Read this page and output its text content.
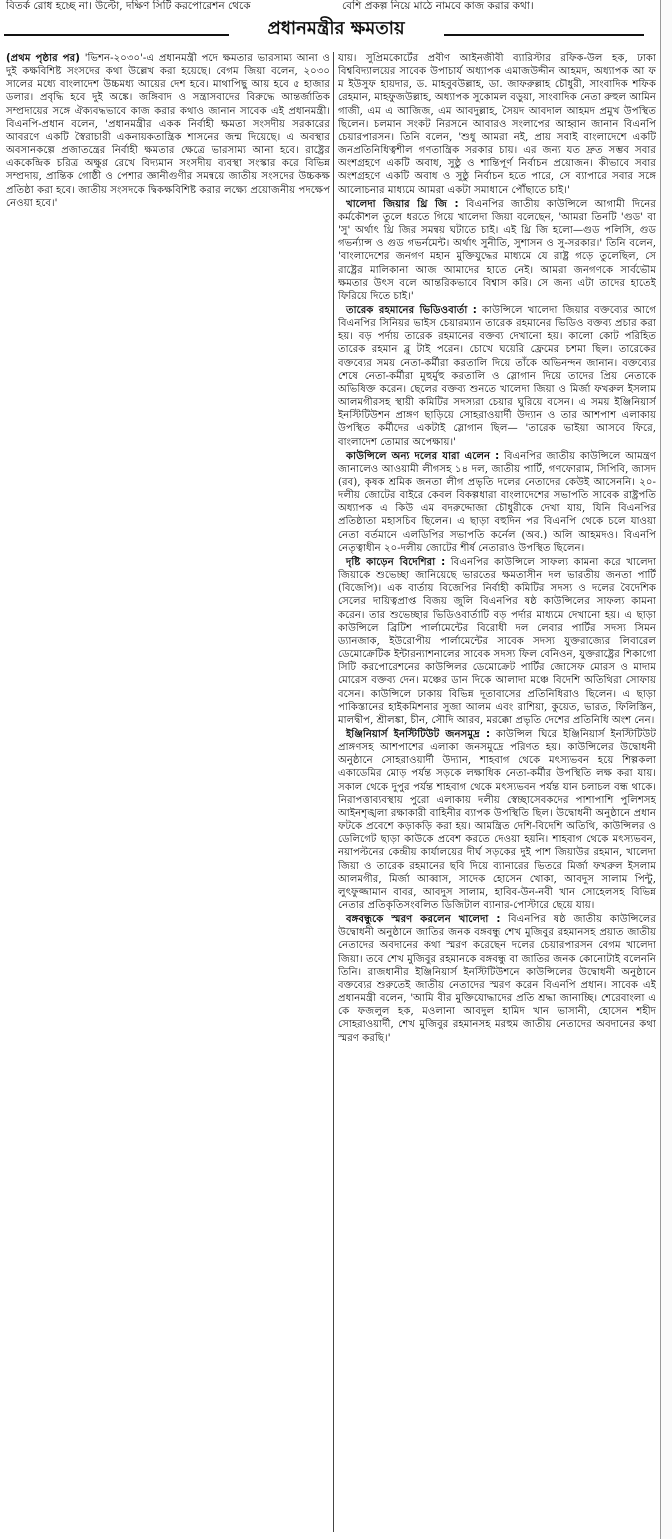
বিতর্ক রোধ হচ্ছে না। উল্টো, দক্ষিণ সিটি করপোরেশন থেকে	বেশি প্রকল্প নিয়ে মাঠে নামবে কাজ করার কথা।
প্রধানমন্ত্রীর ক্ষমতায়

(প্রথম পৃষ্ঠার পর) 'ভিশন-২০৩০'-এ প্রধানমন্ত্রী পদে ক্ষমতার ভারসাম্য আনা ও দুই কক্ষবিশিষ্ট সংসদের কথা উল্লেখ করা হয়েছে। বেগম জিয়া বলেন, ২০৩০ সালের মধ্যে বাংলাদেশ উচ্চমধ্য আয়ের দেশ হবে। মাথাপিছু আয় হবে ৫ হাজার ডলার। প্রবৃদ্ধি হবে দুই অঙ্কে। জঙ্গিবাদ ও সন্ত্রাসবাদের বিরুদ্ধে আন্তর্জাতিক সম্প্রদায়ের সঙ্গে ঐক্যবদ্ধভাবে কাজ করার কথাও জানান সাবেক এই প্রধানমন্ত্রী। বিএনপি-প্রধান বলেন, 'প্রধানমন্ত্রীর একক নির্বাহী ক্ষমতা সংসদীয় সরকারের আবরণে একটি স্বৈরাচারী একনায়কতান্ত্রিক শাসনের জন্ম দিয়েছে। এ অবস্থার অবসানকল্পে প্রজাতন্ত্রের নির্বাহী ক্ষমতার ক্ষেত্রে ভারসাম্য আনা হবে। রাষ্ট্রের এককেন্দ্রিক চরিত্র অক্ষুণ্ণ রেখে বিদ্যমান সংসদীয় ব্যবস্থা সংস্কার করে বিভিন্ন সম্প্রদায়, প্রান্তিক গোষ্ঠী ও পেশার জ্ঞানীগুণীর সমন্বয়ে জাতীয় সংসদের উচ্চকক্ষ প্রতিষ্ঠা করা হবে। জাতীয় সংসদকে দ্বিকক্ষবিশিষ্ট করার লক্ষ্যে প্রয়োজনীয় পদক্ষেপ নেওয়া হবে।'

যায়। সুপ্রিমকোর্টের প্রবীণ আইনজীবী ব্যারিস্টার রফিক-উল হক, ঢাকা বিশ্ববিদ্যালয়ের সাবেক উপাচার্য অধ্যাপক এমাজউদ্দীন আহমদ, অধ্যাপক আ ফ ম ইউসুফ হায়দার, ড. মাহবুবউল্লাহ, ডা. জাফরুল্লাহ চৌধুরী, সাংবাদিক শফিক রেহমান, মাহফুজউল্লাহ, অধ্যাপক সুকোমল বড়ুয়া, সাংবাদিক নেতা রুহুল আমিন গাজী, এম এ আজিজ, এম আবদুল্লাহ, সৈয়দ আবদাল আহমদ প্রমুখ উপস্থিত ছিলেন। চলমান সংকট নিরসনে আবারও সংলাপের আহ্বান জানান বিএনপি চেয়ারপারসন। তিনি বলেন, 'শুধু আমরা নই, প্রায় সবাই বাংলাদেশে একটি জনপ্রতিনিধিত্বশীল গণতান্ত্রিক সরকার চায়। এর জন্য যত দ্রুত সম্ভব সবার অংশগ্রহণে একটি অবাধ, সুষ্ঠু ও শান্তিপূর্ণ নির্বাচন প্রয়োজন। কীভাবে সবার অংশগ্রহণে একটি অবাধ ও সুষ্ঠু নির্বাচন হতে পারে, সে ব্যাপারে সবার সঙ্গে আলোচনার মাধ্যমে আমরা একটা সমাধানে পৌঁছাতে চাই।'

খালেদা জিয়ার থ্রি জি : বিএনপির জাতীয় কাউন্সিলে আগামী দিনের কর্মকৌশল তুলে ধরতে গিয়ে খালেদা জিয়া বলেছেন, 'আমরা তিনটি 'গুড' বা 'সু' অর্থাৎ থ্রি জির সমন্বয় ঘটাতে চাই। এই থ্রি জি হলো—গুড পলিসি, গুড গভর্ন্যান্স ও গুড গভর্নমেন্ট। অর্থাৎ সুনীতি, সুশাসন ও সু-সরকার।' তিনি বলেন, 'বাংলাদেশের জনগণ মহান মুক্তিযুদ্ধের মাধ্যমে যে রাষ্ট্র গড়ে তুলেছিল, সে রাষ্ট্রের মালিকানা আজ আমাদের হাতে নেই। আমরা জনগণকে সার্বভৌম ক্ষমতার উৎস বলে আন্তরিকভাবে বিশ্বাস করি। সে জন্য এটা তাদের হাতেই ফিরিয়ে দিতে চাই।'

তারেক রহমানের ভিডিওবার্তা : কাউন্সিলে খালেদা জিয়ার বক্তব্যের আগে বিএনপির সিনিয়র ভাইস চেয়ারম্যান তারেক রহমানের ভিডিও বক্তব্য প্রচার করা হয়। বড় পর্দায় তারেক রহমানের বক্তব্য দেখানো হয়। কালো কোট পরিহিত তারেক রহমান ব্লু টাই পরেন। চোখে ঘয়েরি ফ্রেমের চশমা ছিল। তারেকের বক্তব্যের সময় নেতা-কর্মীরা করতালি দিয়ে তাঁকে অভিনন্দন জানান। বক্তব্যের শেষে নেতা-কর্মীরা মুহুর্মুহু করতালি ও স্লোগান দিয়ে তাদের প্রিয় নেতাকে অভিষিক্ত করেন। ছেলের বক্তব্য শুনতে খালেদা জিয়া ও মির্জা ফখরুল ইসলাম আলমগীরসহ স্থায়ী কমিটির সদস্যরা চেয়ার ঘুরিয়ে বসেন। এ সময় ইঞ্জিনিয়ার্স ইনস্টিটিউশন প্রাঙ্গণ ছাড়িয়ে সোহরাওয়ার্দী উদ্যান ও তার আশপাশ এলাকায় উপস্থিত কর্মীদের একটাই স্লোগান ছিল— 'তারেক ভাইয়া আসবে ফিরে, বাংলাদেশ তোমার অপেক্ষায়।'

কাউন্সিলে অন্য দলের যারা এলেন : বিএনপির জাতীয় কাউন্সিলে আমন্ত্রণ জানালেও আওয়ামী লীগসহ ১৪ দল, জাতীয় পার্টি, গণফোরাম, সিপিবি, জাসদ (রব), কৃষক শ্রমিক জনতা লীগ প্রভৃতি দলের নেতাদের কেউই আসেননি। ২০-দলীয় জোটের বাইরে কেবল বিকল্পধারা বাংলাদেশের সভাপতি সাবেক রাষ্ট্রপতি অধ্যাপক এ কিউ এম বদরুদ্দোজা চৌধুরীকে দেখা যায়, যিনি বিএনপির প্রতিষ্ঠাতা মহাসচিব ছিলেন। এ ছাড়া বহুদিন পর বিএনপি থেকে চলে যাওয়া নেতা বর্তমানে এলডিপির সভাপতি কর্নেল (অব.) অলি আহমদও। বিএনপি নেতৃত্বাধীন ২০-দলীয় জোটের শীর্ষ নেতারাও উপস্থিত ছিলেন।

দৃষ্টি কাড়েন বিদেশিরা : বিএনপির কাউন্সিলে সাফল্য কামনা করে খালেদা জিয়াকে শুভেচ্ছা জানিয়েছে ভারতের ক্ষমতাসীন দল ভারতীয় জনতা পার্টি (বিজেপি)। এক বার্তায় বিজেপির নির্বাহী কমিটির সদস্য ও দলের বৈদেশিক সেলের দায়িত্বপ্রাপ্ত বিজয় জুলি বিএনপির ষষ্ঠ কাউন্সিলের সাফল্য কামনা করেন। তার শুভেচ্ছার ভিডিওবার্তাটি বড় পর্দার মাধ্যমে দেখানো হয়। এ ছাড়া কাউন্সিলে ব্রিটিশ পার্লামেন্টের বিরোধী দল লেবার পার্টির সদস্য সিমন ড্যানজাক, ইউরোপীয় পার্লামেন্টের সাবেক সদস্য যুক্তরাজ্যের লিবারেল ডেমোক্রেটিক ইন্টারন্যাশনালের সাবেক সদস্য ফিল বেনিওন, যুক্তরাষ্ট্রের শিকাগো সিটি করপোরেশনের কাউন্সিলর ডেমোক্রেট পার্টির জোসেফ মোরস ও মাদাম মোরেস বক্তব্য দেন। মঞ্চের ডান দিকে আলাদা মঞ্চে বিদেশি অতিথিরা সোফায় বসেন। কাউন্সিলে ঢাকায় বিভিন্ন দূতাবাসের প্রতিনিধিরাও ছিলেন। এ ছাড়া পাকিস্তানের হাইকমিশনার সুজা আলম এবং রাশিয়া, কুয়েত, ভারত, ফিলিস্তিন, মালদ্বীপ, শ্রীলঙ্কা, চীন, সৌদি আরব, মরক্কো প্রভৃতি দেশের প্রতিনিধি অংশ নেন।

ইঞ্জিনিয়ার্স ইনস্টিটিউট জনসমুদ্র : কাউন্সিল ঘিরে ইঞ্জিনিয়ার্স ইনস্টিটিউট প্রাঙ্গণসহ আশপাশের এলাকা জনসমুদ্রে পরিণত হয়। কাউন্সিলের উদ্বোধনী অনুষ্ঠানে সোহরাওয়ার্দী উদ্যান, শাহবাগ থেকে মৎস্যভবন হয়ে শিল্পকলা একাডেমির মোড় পর্যন্ত সড়কে লক্ষাধিক নেতা-কর্মীর উপস্থিতি লক্ষ করা যায়। সকাল থেকে দুপুর পর্যন্ত শাহবাগ থেকে মৎস্যভবন পর্যন্ত যান চলাচল বন্ধ থাকে। নিরাপত্তাব্যবস্থায় পুরো এলাকায় দলীয় স্বেচ্ছাসেবকদের পাশাপাশি পুলিশসহ আইনশৃঙ্খলা রক্ষাকারী বাহিনীর ব্যাপক উপস্থিতি ছিল। উদ্বোধনী অনুষ্ঠানে প্রধান ফটকে প্রবেশে কড়াকড়ি করা হয়। আমন্ত্রিত দেশি-বিদেশি অতিথি, কাউন্সিলর ও ডেলিগেট ছাড়া কাউকে প্রবেশ করতে দেওয়া হয়নি। শাহবাগ থেকে মৎস্যভবন, নয়াপল্টনের কেন্দ্রীয় কার্যালয়ের দীর্ঘ সড়কের দুই পাশ জিয়াউর রহমান, খালেদা জিয়া ও তারেক রহমানের ছবি দিয়ে ব্যানারের ভিতরে মির্জা ফখরুল ইসলাম আলমগীর, মির্জা আব্বাস, সাদেক হোসেন খোকা, আবদুস সালাম পিন্টু, লুৎফুজ্জামান বাবর, আবদুস সালাম, হাবিব-উন-নবী খান সোহেলসহ বিভিন্ন নেতার প্রতিকৃতিসংবলিত ডিজিটাল ব্যানার-পোস্টারে ছেয়ে যায়।

বঙ্গবন্ধুকে স্মরণ করলেন খালেদা : বিএনপির ষষ্ঠ জাতীয় কাউন্সিলের উদ্বোধনী অনুষ্ঠানে জাতির জনক বঙ্গবন্ধু শেখ মুজিবুর রহমানসহ প্রয়াত জাতীয় নেতাদের অবদানের কথা স্মরণ করেছেন দলের চেয়ারপারসন বেগম খালেদা জিয়া। তবে শেখ মুজিবুর রহমানকে বঙ্গবন্ধু বা জাতির জনক কোনোটাই বলেননি তিনি। রাজধানীর ইঞ্জিনিয়ার্স ইনস্টিটিউশনে কাউন্সিলের উদ্বোধনী অনুষ্ঠানে বক্তব্যের শুরুতেই জাতীয় নেতাদের স্মরণ করেন বিএনপি প্রধান। সাবেক এই প্রধানমন্ত্রী বলেন, 'আমি বীর মুক্তিযোদ্ধাদের প্রতি শ্রদ্ধা জানাচ্ছি। শেরেবাংলা এ কে ফজলুল হক, মওলানা আবদুল হামিদ খান ভাসানী, হোসেন শহীদ সোহরাওয়ার্দী, শেখ মুজিবুর রহমানসহ মরহুম জাতীয় নেতাদের অবদানের কথা স্মরণ করছি।'
